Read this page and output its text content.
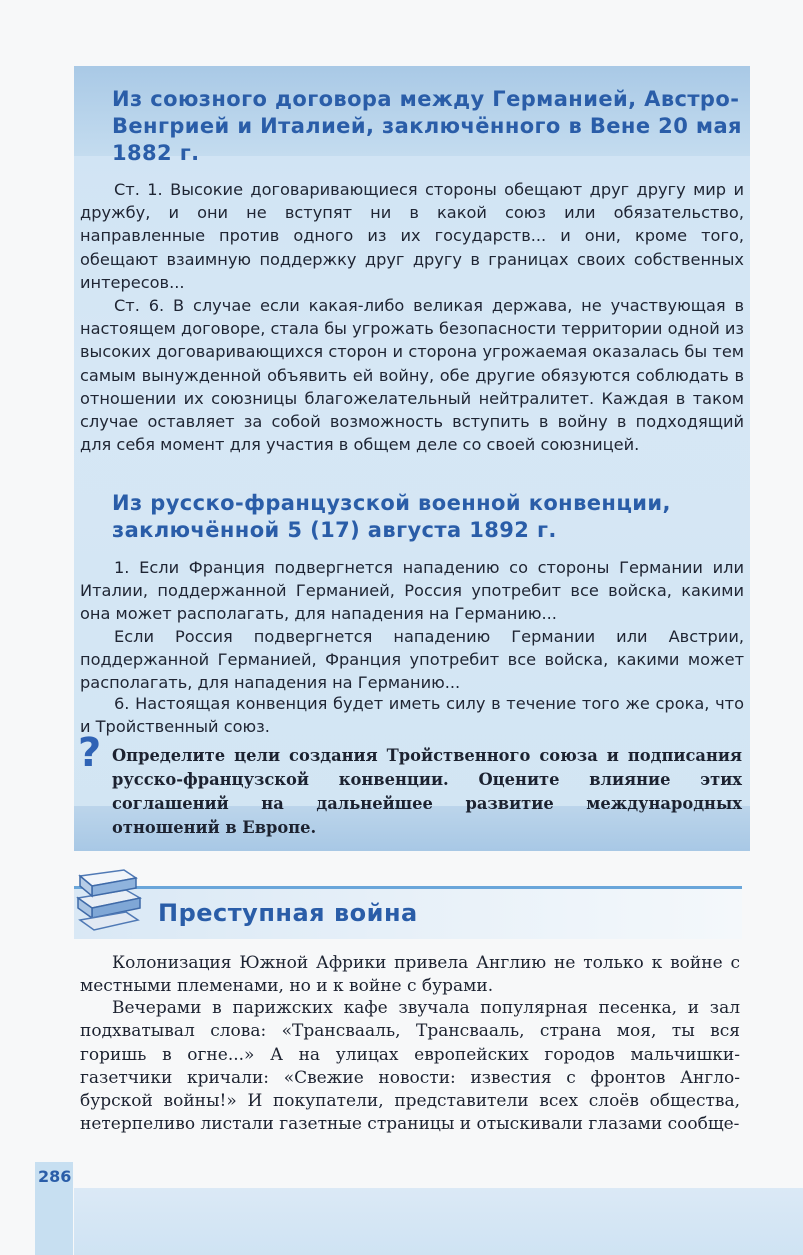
Из союзного договора между Германией, Австро-Венгрией и Италией, заключённого в Вене 20 мая 1882 г.

Ст. 1. Высокие договаривающиеся стороны обещают друг другу мир и дружбу, и они не вступят ни в какой союз или обязательство, направленные против одного из их государств... и они, кроме того, обещают взаимную поддержку друг другу в границах своих собственных интересов...

Ст. 6. В случае если какая-либо великая держава, не участвующая в настоящем договоре, стала бы угрожать безопасности территории одной из высоких договаривающихся сторон и сторона угрожаемая оказалась бы тем самым вынужденной объявить ей войну, обе другие обязуются соблюдать в отношении их союзницы благожелательный нейтралитет. Каждая в таком случае оставляет за собой возможность вступить в войну в подходящий для себя момент для участия в общем деле со своей союзницей.

Из русско-французской военной конвенции, заключённой 5 (17) августа 1892 г.

1. Если Франция подвергнется нападению со стороны Германии или Италии, поддержанной Германией, Россия употребит все войска, какими она может располагать, для нападения на Германию...

Если Россия подвергнется нападению Германии или Австрии, поддержанной Германией, Франция употребит все войска, какими может располагать, для нападения на Германию...

6. Настоящая конвенция будет иметь силу в течение того же срока, что и Тройственный союз.

? Определите цели создания Тройственного союза и подписания русско-французской конвенции. Оцените влияние этих соглашений на дальнейшее развитие международных отношений в Европе.

Преступная война

Колонизация Южной Африки привела Англию не только к войне с местными племенами, но и к войне с бурами.

Вечерами в парижских кафе звучала популярная песенка, и зал подхватывал слова: «Трансвааль, Трансвааль, страна моя, ты вся горишь в огне...» А на улицах европейских городов мальчишки-газетчики кричали: «Свежие новости: известия с фронтов Англо-бурской войны!» И покупатели, представители всех слоёв общества, нетерпеливо листали газетные страницы и отыскивали глазами сообще-

286
